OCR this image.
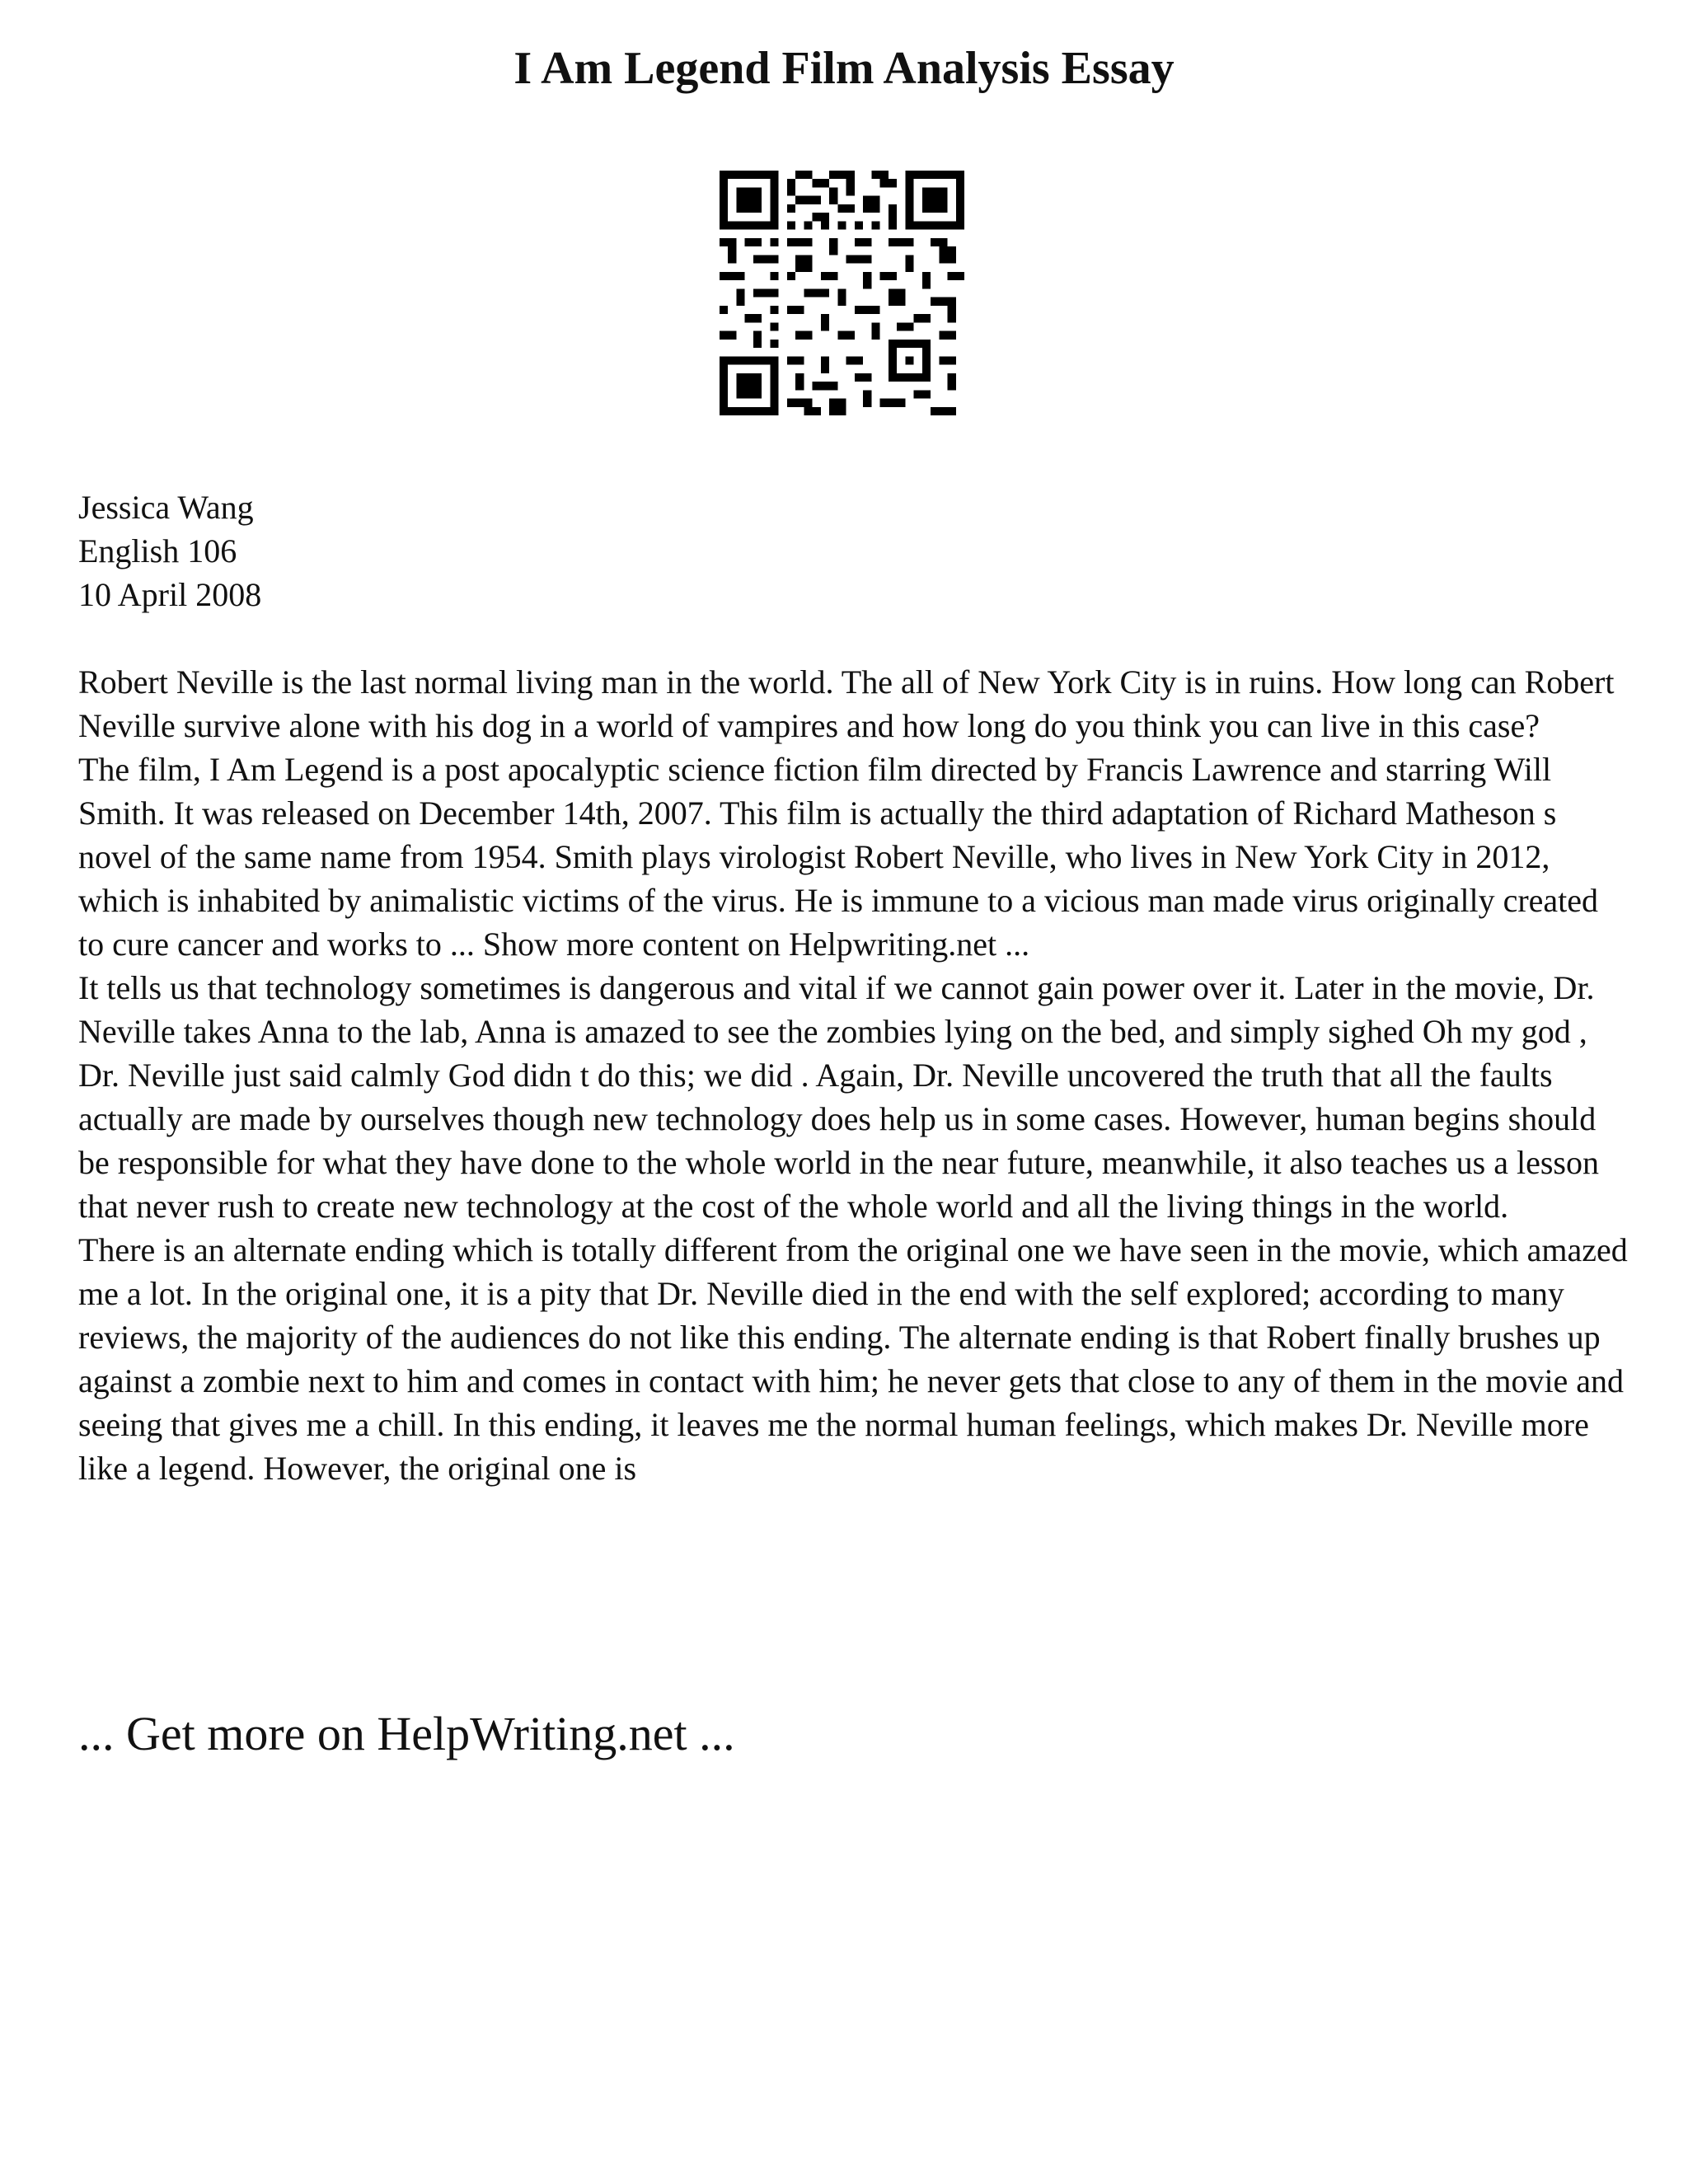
I Am Legend Film Analysis Essay
Jessica Wang
English 106
10 April 2008

Robert Neville is the last normal living man in the world. The all of New York City is in ruins. How long can Robert Neville survive alone with his dog in a world of vampires and how long do you think you can live in this case?

The film, I Am Legend is a post apocalyptic science fiction film directed by Francis Lawrence and starring Will Smith. It was released on December 14th, 2007. This film is actually the third adaptation of Richard Matheson s novel of the same name from 1954. Smith plays virologist Robert Neville, who lives in New York City in 2012, which is inhabited by animalistic victims of the virus. He is immune to a vicious man made virus originally created to cure cancer and works to ... Show more content on Helpwriting.net ...

It tells us that technology sometimes is dangerous and vital if we cannot gain power over it. Later in the movie, Dr. Neville takes Anna to the lab, Anna is amazed to see the zombies lying on the bed, and simply sighed Oh my god , Dr. Neville just said calmly God didn t do this; we did . Again, Dr. Neville uncovered the truth that all the faults actually are made by ourselves though new technology does help us in some cases. However, human begins should be responsible for what they have done to the whole world in the near future, meanwhile, it also teaches us a lesson that never rush to create new technology at the cost of the whole world and all the living things in the world.

There is an alternate ending which is totally different from the original one we have seen in the movie, which amazed me a lot. In the original one, it is a pity that Dr. Neville died in the end with the self explored; according to many reviews, the majority of the audiences do not like this ending. The alternate ending is that Robert finally brushes up against a zombie next to him and comes in contact with him; he never gets that close to any of them in the movie and seeing that gives me a chill. In this ending, it leaves me the normal human feelings, which makes Dr. Neville more like a legend. However, the original one is

... Get more on HelpWriting.net ...
